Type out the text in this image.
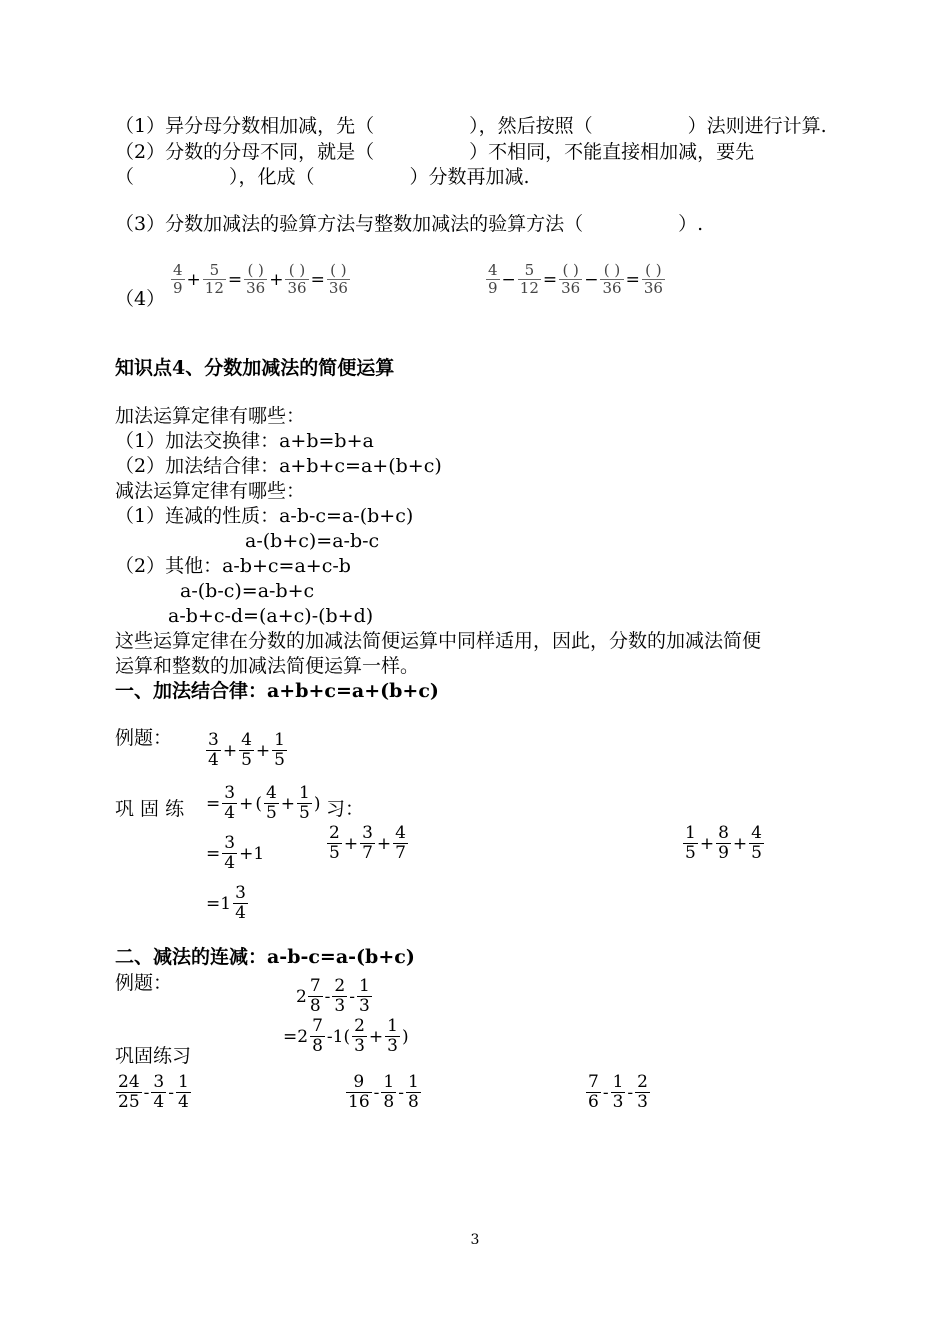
（1）异分母分数相加减，先（　　　　　），然后按照（　　　　　）法则进行计算.
（2）分数的分母不同，就是（　　　　　）不相同，不能直接相加减，要先
（　　　　　），化成（　　　　　）分数再加减.
（3）分数加减法的验算方法与整数加减法的验算方法（　　　　　）.
（4）
$\frac{4}{9} + \frac{5}{12} = \frac{( )}{36} + \frac{( )}{36} = \frac{( )}{36}$	$\frac{4}{9} - \frac{5}{12} = \frac{( )}{36} - \frac{( )}{36} = \frac{( )}{36}$
知识点4、分数加减法的简便运算
加法运算定律有哪些：
（1）加法交换律：a+b=b+a
（2）加法结合律：a+b+c=a+(b+c)
减法运算定律有哪些：
（1）连减的性质：a-b-c=a-(b+c)
a-(b+c)=a-b-c
（2）其他：a-b+c=a+c-b
a-(b-c)=a-b+c
a-b+c-d=(a+c)-(b+d)
这些运算定律在分数的加减法简便运算中同样适用，因此，分数的加减法简便
运算和整数的加减法简便运算一样。
一、加法结合律：a+b+c=a+(b+c)
例题： $\frac{3}{4} + \frac{4}{5} + \frac{1}{5}$
巩 固 练 = $\frac{3}{4}$ + ( $\frac{4}{5} + \frac{1}{5}$ ) 习：
$\frac{2}{5} + \frac{3}{7} + \frac{4}{7}$	$\frac{1}{5} + \frac{8}{9} + \frac{4}{5}$
= $\frac{3}{4} +1$
$=1 \frac{3}{4}$
二、减法的连减：a-b-c=a-(b+c)
例题：
$2 \frac{7}{8} - \frac{2}{3} - \frac{1}{3}$
$=2 \frac{7}{8} -1( \frac{2}{3} + \frac{1}{3}$ )
巩固练习
$\frac{24}{25} - \frac{3}{4} - \frac{1}{4}$	$\frac{9}{16} - \frac{1}{8} - \frac{1}{8}$	$\frac{7}{6} - \frac{1}{3} - \frac{2}{3}$
3
